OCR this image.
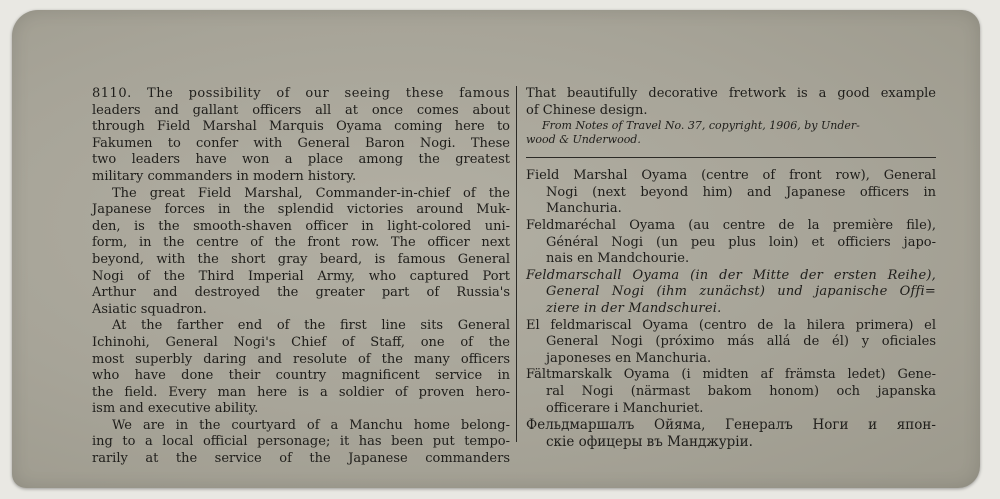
8110. The possibility of our seeing these famous
leaders and gallant officers all at once comes about
through Field Marshal Marquis Oyama coming here to
Fakumen to confer with General Baron Nogi. These
two leaders have won a place among the greatest
military commanders in modern history.
The great Field Marshal, Commander-in-chief of the
Japanese forces in the splendid victories around Muk-
den, is the smooth-shaven officer in light-colored uni-
form, in the centre of the front row. The officer next
beyond, with the short gray beard, is famous General
Nogi of the Third Imperial Army, who captured Port
Arthur and destroyed the greater part of Russia's
Asiatic squadron.
At the farther end of the first line sits General
Ichinohi, General Nogi's Chief of Staff, one of the
most superbly daring and resolute of the many officers
who have done their country magnificent service in
the field. Every man here is a soldier of proven hero-
ism and executive ability.
We are in the courtyard of a Manchu home belong-
ing to a local official personage; it has been put tempo-
rarily at the service of the Japanese commanders
That beautifully decorative fretwork is a good example
of Chinese design.
From Notes of Travel No. 37, copyright, 1906, by Under-
wood & Underwood.
Field Marshal Oyama (centre of front row), General
Nogi (next beyond him) and Japanese officers in
Manchuria.
Feldmaréchal Oyama (au centre de la première file),
Général Nogi (un peu plus loin) et officiers japo-
nais en Mandchourie.
Feldmarschall Oyama (in der Mitte der ersten Reihe),
General Nogi (ihm zunächst) und japanische Offi=
ziere in der Mandschurei.
El feldmariscal Oyama (centro de la hilera primera) el
General Nogi (próximo más allá de él) y oficiales
japoneses en Manchuria.
Fältmarskalk Oyama (i midten af främsta ledet) Gene-
ral Nogi (närmast bakom honom) och japanska
officerare i Manchuriet.
Фельдмаршалъ Ойяма, Генералъ Ноги и япон-
скіе офицеры въ Манджуріи.
